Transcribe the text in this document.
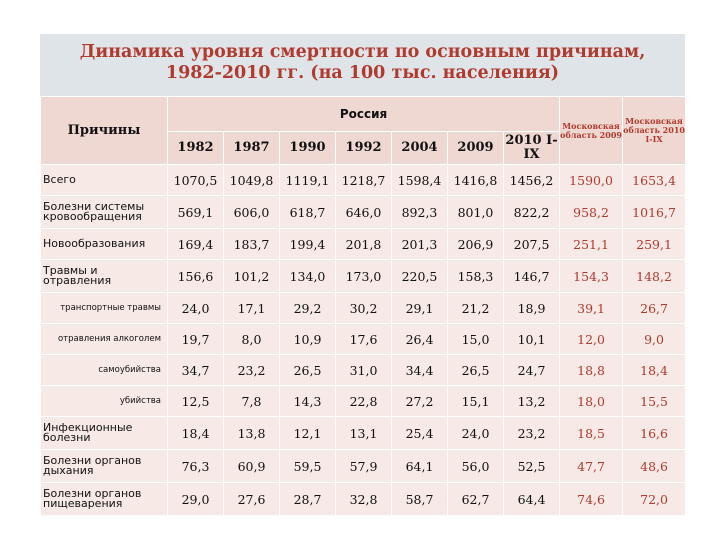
Динамика уровня смертности по основным причинам,
1982-2010 гг. (на 100 тыс. населения)
Причины	Россия							Московская область 2009	Московская область 2010 I-IX
	1982	1987	1990	1992	2004	2009	2010 I-IX		
Всего	1070,5	1049,8	1119,1	1218,7	1598,4	1416,8	1456,2	1590,0	1653,4
Болезни системы кровообращения	569,1	606,0	618,7	646,0	892,3	801,0	822,2	958,2	1016,7
Новообразования	169,4	183,7	199,4	201,8	201,3	206,9	207,5	251,1	259,1
Травмы и отравления	156,6	101,2	134,0	173,0	220,5	158,3	146,7	154,3	148,2
транспортные травмы	24,0	17,1	29,2	30,2	29,1	21,2	18,9	39,1	26,7
отравления алкоголем	19,7	8,0	10,9	17,6	26,4	15,0	10,1	12,0	9,0
самоубийства	34,7	23,2	26,5	31,0	34,4	26,5	24,7	18,8	18,4
убийства	12,5	7,8	14,3	22,8	27,2	15,1	13,2	18,0	15,5
Инфекционные болезни	18,4	13,8	12,1	13,1	25,4	24,0	23,2	18,5	16,6
Болезни органов дыхания	76,3	60,9	59,5	57,9	64,1	56,0	52,5	47,7	48,6
Болезни органов пищеварения	29,0	27,6	28,7	32,8	58,7	62,7	64,4	74,6	72,0
